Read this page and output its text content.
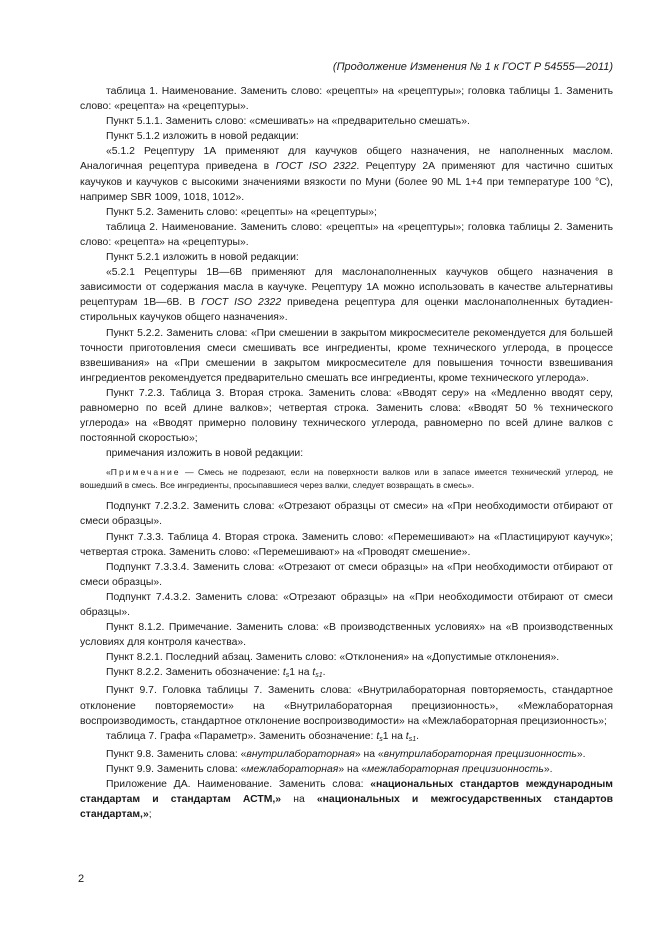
(Продолжение Изменения № 1 к ГОСТ Р 54555—2011)

таблица 1. Наименование. Заменить слово: «рецепты» на «рецептуры»; головка таблицы 1. Заменить слово: «рецепта» на «рецептуры».

Пункт 5.1.1. Заменить слово: «смешивать» на «предварительно смешать».

Пункт 5.1.2 изложить в новой редакции:

«5.1.2 Рецептуру 1А применяют для каучуков общего назначения, не наполненных маслом. Аналогичная рецептура приведена в ГОСТ ISO 2322. Рецептуру 2А применяют для частично сшитых каучуков и каучуков с высокими значениями вязкости по Муни (более 90 ML 1+4 при температуре 100 °С), например SBR 1009, 1018, 1012».

Пункт 5.2. Заменить слово: «рецепты» на «рецептуры»;

таблица 2. Наименование. Заменить слово: «рецепты» на «рецептуры»; головка таблицы 2. Заменить слово: «рецепта» на «рецептуры».

Пункт 5.2.1 изложить в новой редакции:

«5.2.1 Рецептуры 1В—6В применяют для маслонаполненных каучуков общего назначения в зависимости от содержания масла в каучуке. Рецептуру 1А можно использовать в качестве альтернативы рецептурам 1В—6В. В ГОСТ ISO 2322 приведена рецептура для оценки маслонаполненных бутадиен-стирольных каучуков общего назначения».

Пункт 5.2.2. Заменить слова: «При смешении в закрытом микросмесителе рекомендуется для большей точности приготовления смеси смешивать все ингредиенты, кроме технического углерода, в процессе взвешивания» на «При смешении в закрытом микросмесителе для повышения точности взвешивания ингредиентов рекомендуется предварительно смешать все ингредиенты, кроме технического углерода».

Пункт 7.2.3. Таблица 3. Вторая строка. Заменить слова: «Вводят серу» на «Медленно вводят серу, равномерно по всей длине валков»; четвертая строка. Заменить слова: «Вводят 50 % технического углерода» на «Вводят примерно половину технического углерода, равномерно по всей длине валков с постоянной скоростью»;

примечания изложить в новой редакции:

«Примечание — Смесь не подрезают, если на поверхности валков или в запасе имеется технический углерод, не вошедший в смесь. Все ингредиенты, просыпавшиеся через валки, следует возвращать в смесь».

Подпункт 7.2.3.2. Заменить слова: «Отрезают образцы от смеси» на «При необходимости отбирают от смеси образцы».

Пункт 7.3.3. Таблица 4. Вторая строка. Заменить слово: «Перемешивают» на «Пластицируют каучук»; четвертая строка. Заменить слово: «Перемешивают» на «Проводят смешение».

Подпункт 7.3.3.4. Заменить слова: «Отрезают от смеси образцы» на «При необходимости отбирают от смеси образцы».

Подпункт 7.4.3.2. Заменить слова: «Отрезают образцы» на «При необходимости отбирают от смеси образцы».

Пункт 8.1.2. Примечание. Заменить слова: «В производственных условиях» на «В производственных условиях для контроля качества».

Пункт 8.2.1. Последний абзац. Заменить слово: «Отклонения» на «Допустимые отклонения».

Пункт 8.2.2. Заменить обозначение: $t_s1$ на $t_{s1}$.

Пункт 9.7. Головка таблицы 7. Заменить слова: «Внутрилабораторная повторяемость, стандартное отклонение повторяемости» на «Внутрилабораторная прецизионность», «Межлабораторная воспроизводимость, стандартное отклонение воспроизводимости» на «Межлабораторная прецизионность»;

таблица 7. Графа «Параметр». Заменить обозначение: $t_s1$ на $t_{s1}$.

Пункт 9.8. Заменить слова: «внутрилабораторная» на «внутрилабораторная прецизионность».

Пункт 9.9. Заменить слова: «межлабораторная» на «межлабораторная прецизионность».

Приложение ДА. Наименование. Заменить слова: «национальных стандартов международным стандартам и стандартам АСТМ,» на «национальных и межгосударственных стандартов стандартам,»;

2
